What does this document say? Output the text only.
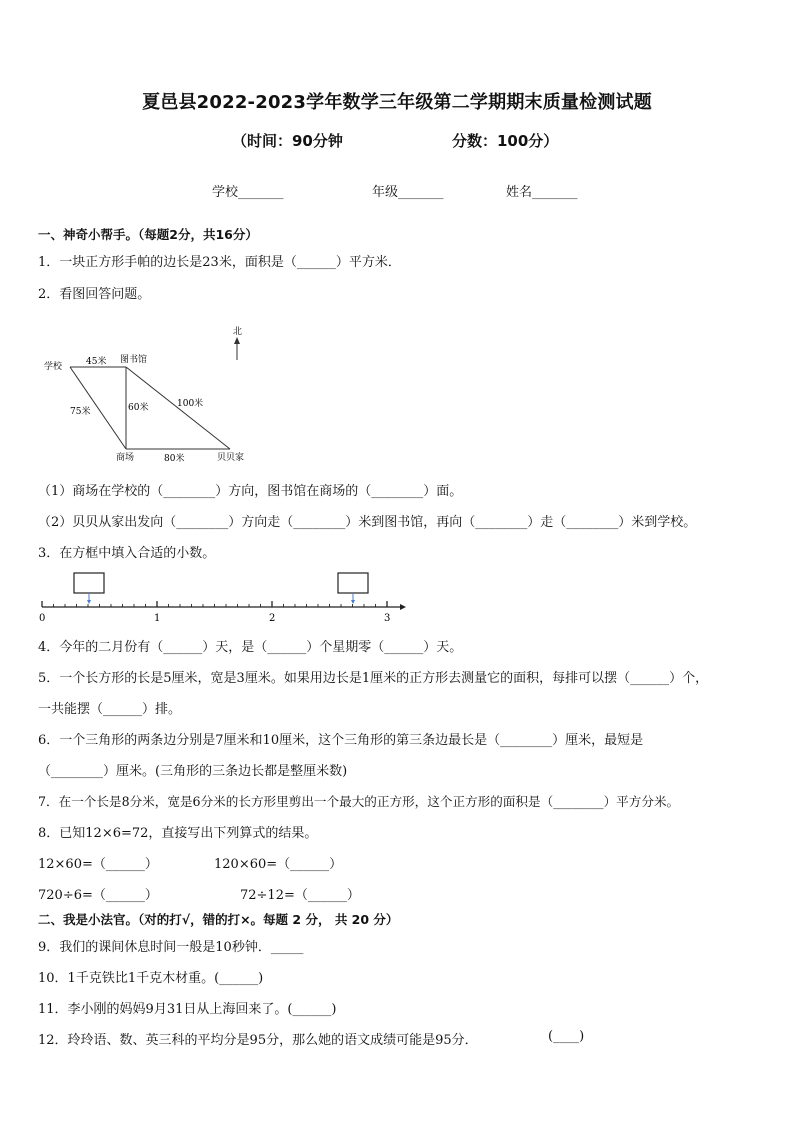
夏邑县2022-2023学年数学三年级第二学期期末质量检测试题
（时间：90分钟	分数：100分）
学校_______	年级_______	姓名_______
一、神奇小帮手。（每题2分，共16分）
1．一块正方形手帕的边长是23米，面积是（______）平方米．
2．看图回答问题。
北
学校
图书馆
商场	贝贝家
45米
75米	60米	100米
80米
（1）商场在学校的（________）方向，图书馆在商场的（________）面。
（2）贝贝从家出发向（________）方向走（________）米到图书馆，再向（________）走（________）米到学校。
3．在方框中填入合适的小数。
0	1	2	3
4．今年的二月份有（______）天，是（______）个星期零（______）天。
5．一个长方形的长是5厘米，宽是3厘米。如果用边长是1厘米的正方形去测量它的面积，每排可以摆（______）个，
一共能摆（______）排。
6．一个三角形的两条边分别是7厘米和10厘米，这个三角形的第三条边最长是（________）厘米，最短是
（________）厘米。(三角形的三条边长都是整厘米数)
7．在一个长是8分米，宽是6分米的长方形里剪出一个最大的正方形，这个正方形的面积是（________）平方分米。
8．已知12×6=72，直接写出下列算式的结果。
12×60=（______）	120×60=（______）
720÷6=（______）	72÷12=（______）
二、我是小法官。（对的打√，错的打×。每题 2 分， 共 20 分）
9．我们的课间休息时间一般是10秒钟．_____
10．1千克铁比1千克木材重。(______)
11．李小刚的妈妈9月31日从上海回来了。(______)
12．玲玲语、数、英三科的平均分是95分，那么她的语文成绩可能是95分．	(____)
